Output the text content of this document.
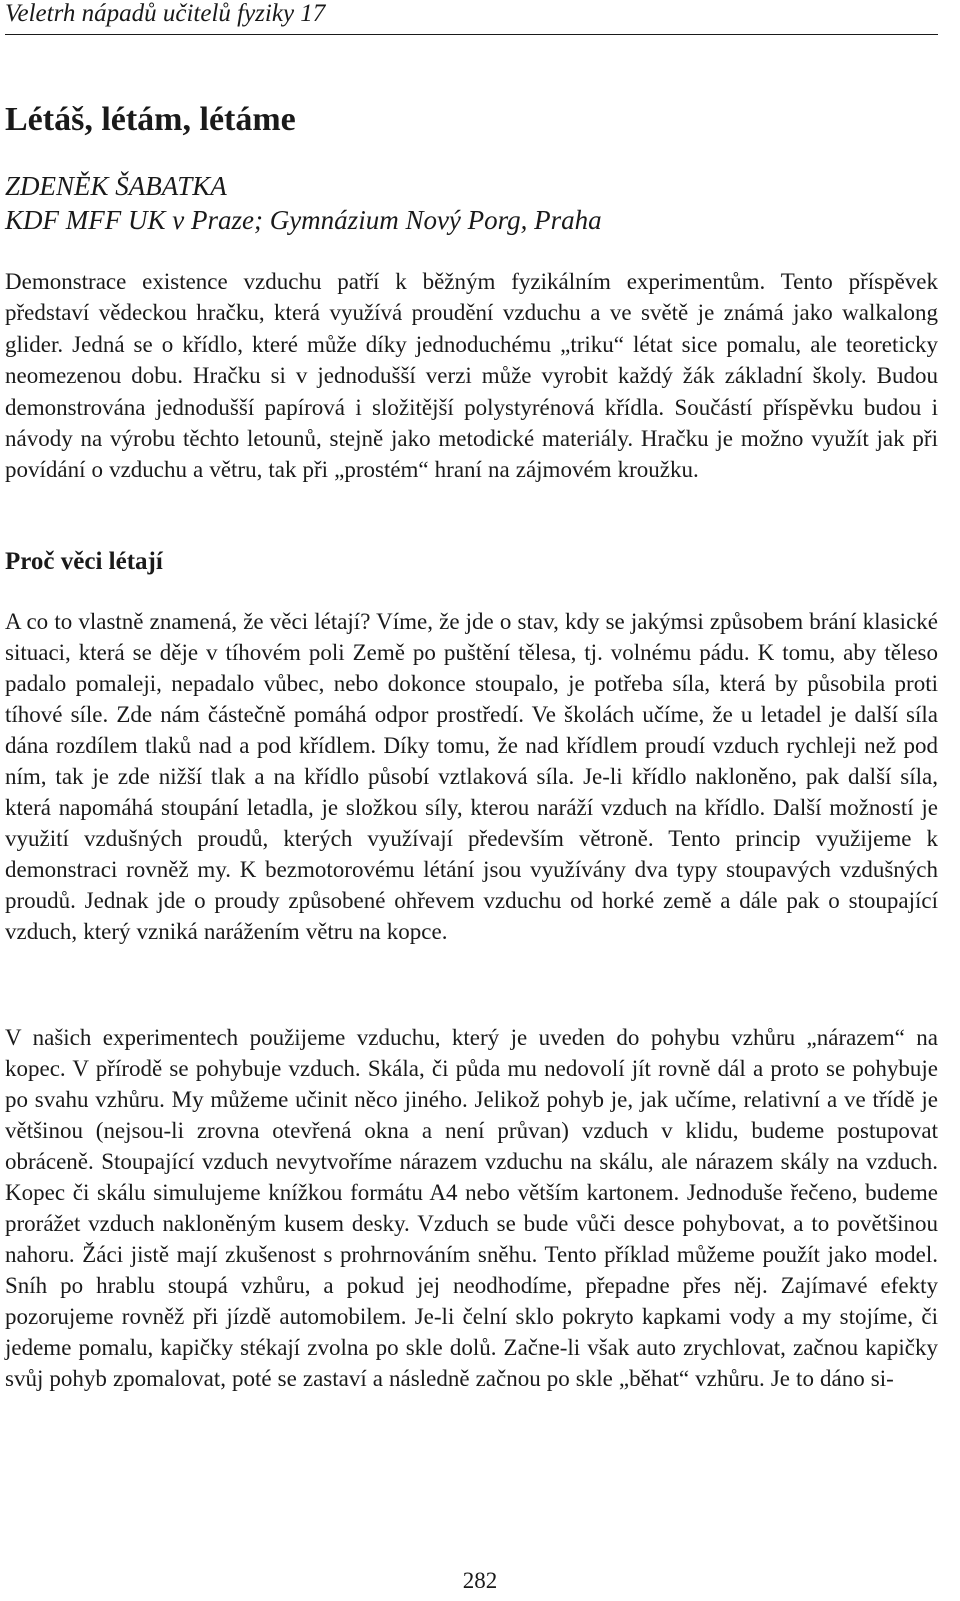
Veletrh nápadů učitelů fyziky 17
Létáš, létám, létáme
ZDENĚK ŠABATKA
KDF MFF UK v Praze; Gymnázium Nový Porg, Praha

Demonstrace existence vzduchu patří k běžným fyzikálním experimentům. Tento příspěvek představí vědeckou hračku, která využívá proudění vzduchu a ve světě je známá jako walkalong glider. Jedná se o křídlo, které může díky jednoduchému „triku“ létat sice pomalu, ale teoreticky neomezenou dobu. Hračku si v jednodušší verzi může vyrobit každý žák základní školy. Budou demonstrována jednodušší papírová i složitější polystyrénová křídla. Součástí příspěvku budou i návody na výrobu těchto letounů, stejně jako metodické materiály. Hračku je možno využít jak při povídání o vzduchu a větru, tak při „prostém“ hraní na zájmovém kroužku.

Proč věci létají

A co to vlastně znamená, že věci létají? Víme, že jde o stav, kdy se jakýmsi způsobem brání klasické situaci, která se děje v tíhovém poli Země po puštění tělesa, tj. volnému pádu. K tomu, aby těleso padalo pomaleji, nepadalo vůbec, nebo dokonce stoupalo, je potřeba síla, která by působila proti tíhové síle. Zde nám částečně pomáhá odpor prostředí. Ve školách učíme, že u letadel je další síla dána rozdílem tlaků nad a pod křídlem. Díky tomu, že nad křídlem proudí vzduch rychleji než pod ním, tak je zde nižší tlak a na křídlo působí vztlaková síla. Je-li křídlo nakloněno, pak další síla, která napomáhá stoupání letadla, je složkou síly, kterou naráží vzduch na křídlo. Další možností je využití vzdušných proudů, kterých využívají především větroně. Tento princip využijeme k demonstraci rovněž my. K bezmotorovému létání jsou využívány dva typy stoupavých vzdušných proudů. Jednak jde o proudy způsobené ohřevem vzduchu od horké země a dále pak o stoupající vzduch, který vzniká narážením větru na kopce.

V našich experimentech použijeme vzduchu, který je uveden do pohybu vzhůru „nárazem“ na kopec. V přírodě se pohybuje vzduch. Skála, či půda mu nedovolí jít rovně dál a proto se pohybuje po svahu vzhůru. My můžeme učinit něco jiného. Jelikož pohyb je, jak učíme, relativní a ve třídě je většinou (nejsou-li zrovna otevřená okna a není průvan) vzduch v klidu, budeme postupovat obráceně. Stoupající vzduch nevytvoříme nárazem vzduchu na skálu, ale nárazem skály na vzduch. Kopec či skálu simulujeme knížkou formátu A4 nebo větším kartonem. Jednoduše řečeno, budeme prorážet vzduch nakloněným kusem desky. Vzduch se bude vůči desce pohybovat, a to povětšinou nahoru. Žáci jistě mají zkušenost s prohrnováním sněhu. Tento příklad můžeme použít jako model. Sníh po hrablu stoupá vzhůru, a pokud jej neodhodíme, přepadne přes něj. Zajímavé efekty pozorujeme rovněž při jízdě automobilem. Je-li čelní sklo pokryto kapkami vody a my stojíme, či jedeme pomalu, kapičky stékají zvolna po skle dolů. Začne-li však auto zrychlovat, začnou kapičky svůj pohyb zpomalovat, poté se zastaví a následně začnou po skle „běhat“ vzhůru. Je to dáno si-

282
